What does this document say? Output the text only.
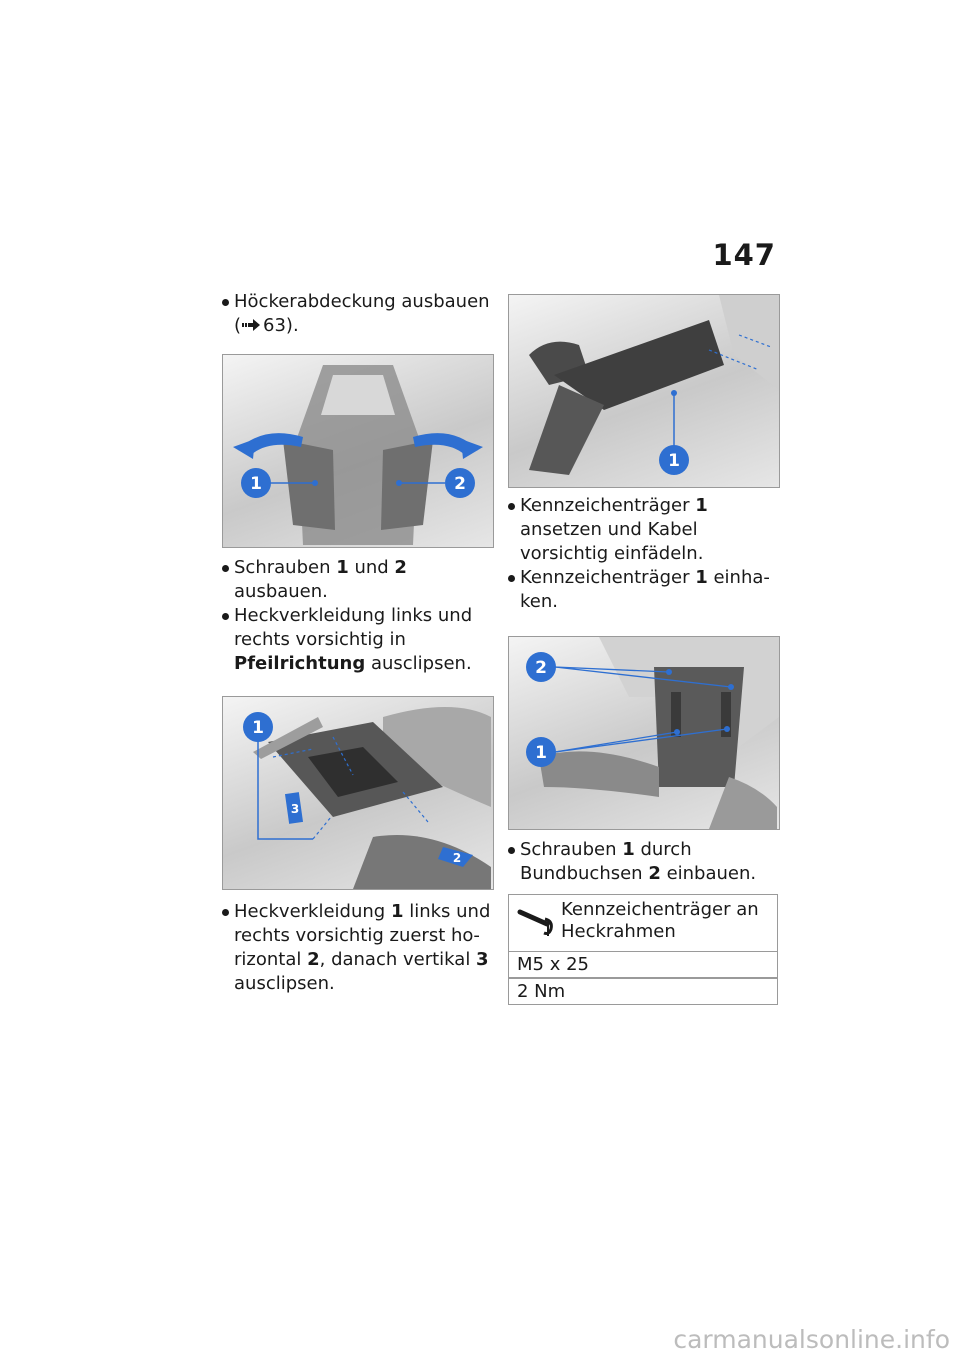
147

Höckerabdeckung ausbauen
( 63).

1	2

Schrauben 1 und 2 ausbauen.

Heckverkleidung links und rechts vorsichtig in Pfeilrichtung ausclipsen.

1
3
2

Heckverkleidung 1 links und rechts vorsichtig zuerst horizontal 2, danach vertikal 3 ausclipsen.

1

Kennzeichenträger 1 ansetzen und Kabel vorsichtig einfädeln.

Kennzeichenträger 1 einhaken.

2
1

Schrauben 1 durch Bundbuchsen 2 einbauen.

Kennzeichenträger an Heckrahmen
M5 x 25
2 Nm
carmanualsonline.info
